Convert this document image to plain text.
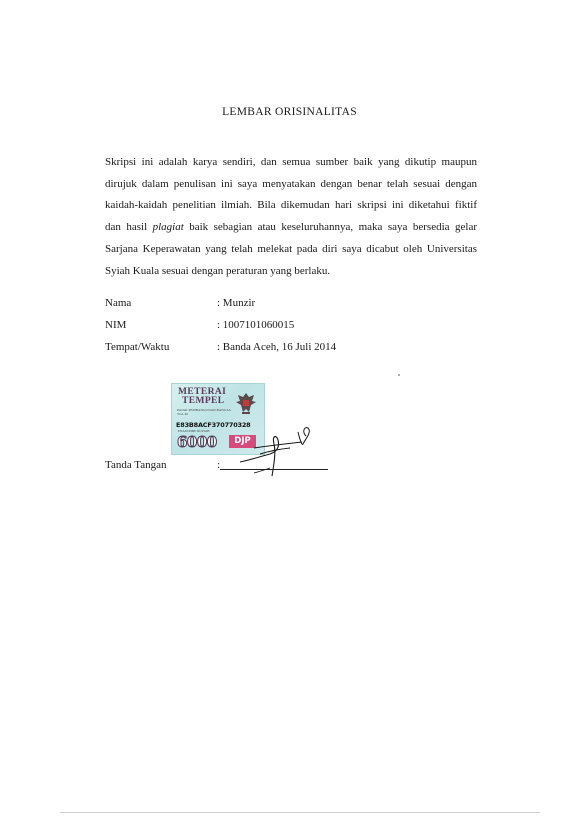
LEMBAR ORISINALITAS

Skripsi ini adalah karya sendiri, dan semua sumber baik yang dikutip maupun

dirujuk dalam penulisan ini saya menyatakan dengan benar telah sesuai dengan

kaidah-kaidah penelitian ilmiah. Bila dikemudan hari skripsi ini diketahui fiktif

dan hasil plagiat baik sebagian atau keseluruhannya, maka saya bersedia gelar

Sarjana Keperawatan yang telah melekat pada diri saya dicabut oleh Universitas

Syiah Kuala sesuai dengan peraturan yang berlaku.

Nama	: Munzir
NIM	: 1007101060015
Tempat/Waktu	: Banda Aceh, 16 Juli 2014
METERAI
TEMPEL
PAJAK PEMBANGUNAN BANGSA TGL 20
E83B8ACF370770328
ENAM RIBU RUPIAH
6000	DJP
Tanda Tangan	:
